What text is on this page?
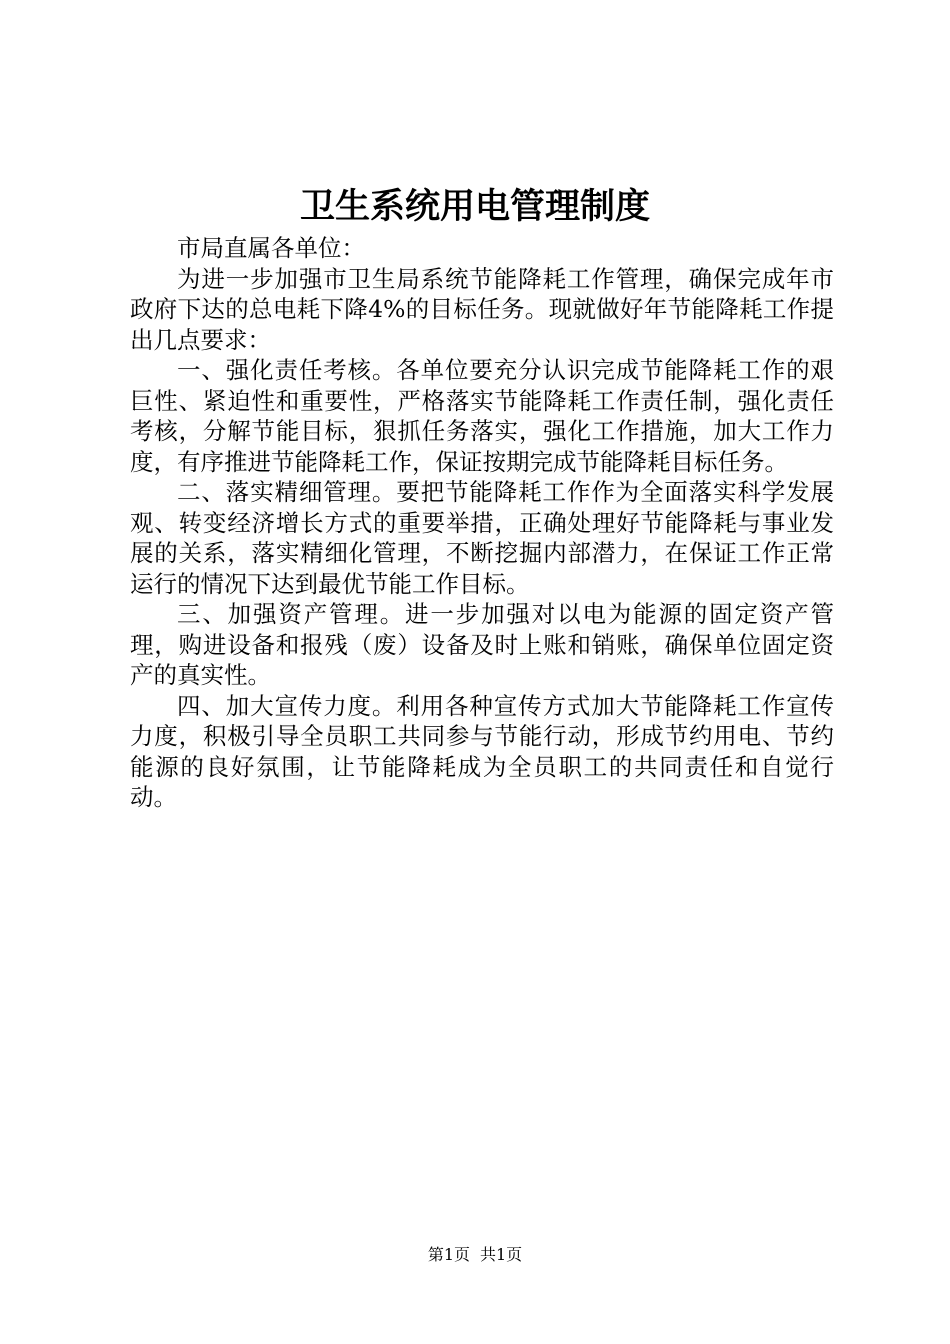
卫生系统用电管理制度

市局直属各单位：

为进一步加强市卫生局系统节能降耗工作管理，确保完成年市政府下达的总电耗下降4%的目标任务。现就做好年节能降耗工作提出几点要求：

一、强化责任考核。各单位要充分认识完成节能降耗工作的艰巨性、紧迫性和重要性，严格落实节能降耗工作责任制，强化责任考核，分解节能目标，狠抓任务落实，强化工作措施，加大工作力度，有序推进节能降耗工作，保证按期完成节能降耗目标任务。

二、落实精细管理。要把节能降耗工作作为全面落实科学发展观、转变经济增长方式的重要举措，正确处理好节能降耗与事业发展的关系，落实精细化管理，不断挖掘内部潜力，在保证工作正常运行的情况下达到最优节能工作目标。

三、加强资产管理。进一步加强对以电为能源的固定资产管理，购进设备和报残（废）设备及时上账和销账，确保单位固定资产的真实性。

四、加大宣传力度。利用各种宣传方式加大节能降耗工作宣传力度，积极引导全员职工共同参与节能行动，形成节约用电、节约能源的良好氛围，让节能降耗成为全员职工的共同责任和自觉行动。

第1页 共1页
